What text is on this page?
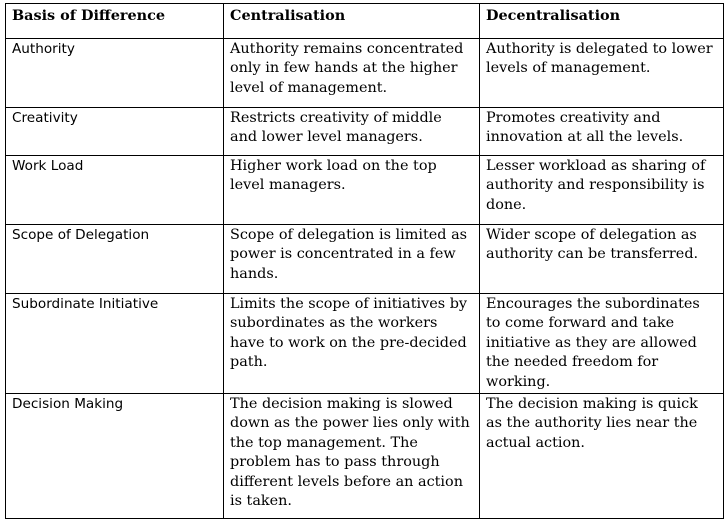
Basis of Difference	Centralisation	Decentralisation
Authority	Authority remains concentrated only in few hands at the higher level of management.	Authority is delegated to lower levels of management.
Creativity	Restricts creativity of middle and lower level managers.	Promotes creativity and innovation at all the levels.
Work Load	Higher work load on the top level managers.	Lesser workload as sharing of authority and responsibility is done.
Scope of Delegation	Scope of delegation is limited as power is concentrated in a few hands.	Wider scope of delegation as authority can be transferred.
Subordinate Initiative	Limits the scope of initiatives by subordinates as the workers have to work on the pre-decided path.	Encourages the subordinates to come forward and take initiative as they are allowed the needed freedom for working.
Decision Making	The decision making is slowed down as the power lies only with the top management. The problem has to pass through different levels before an action is taken.	The decision making is quick as the authority lies near the actual action.
